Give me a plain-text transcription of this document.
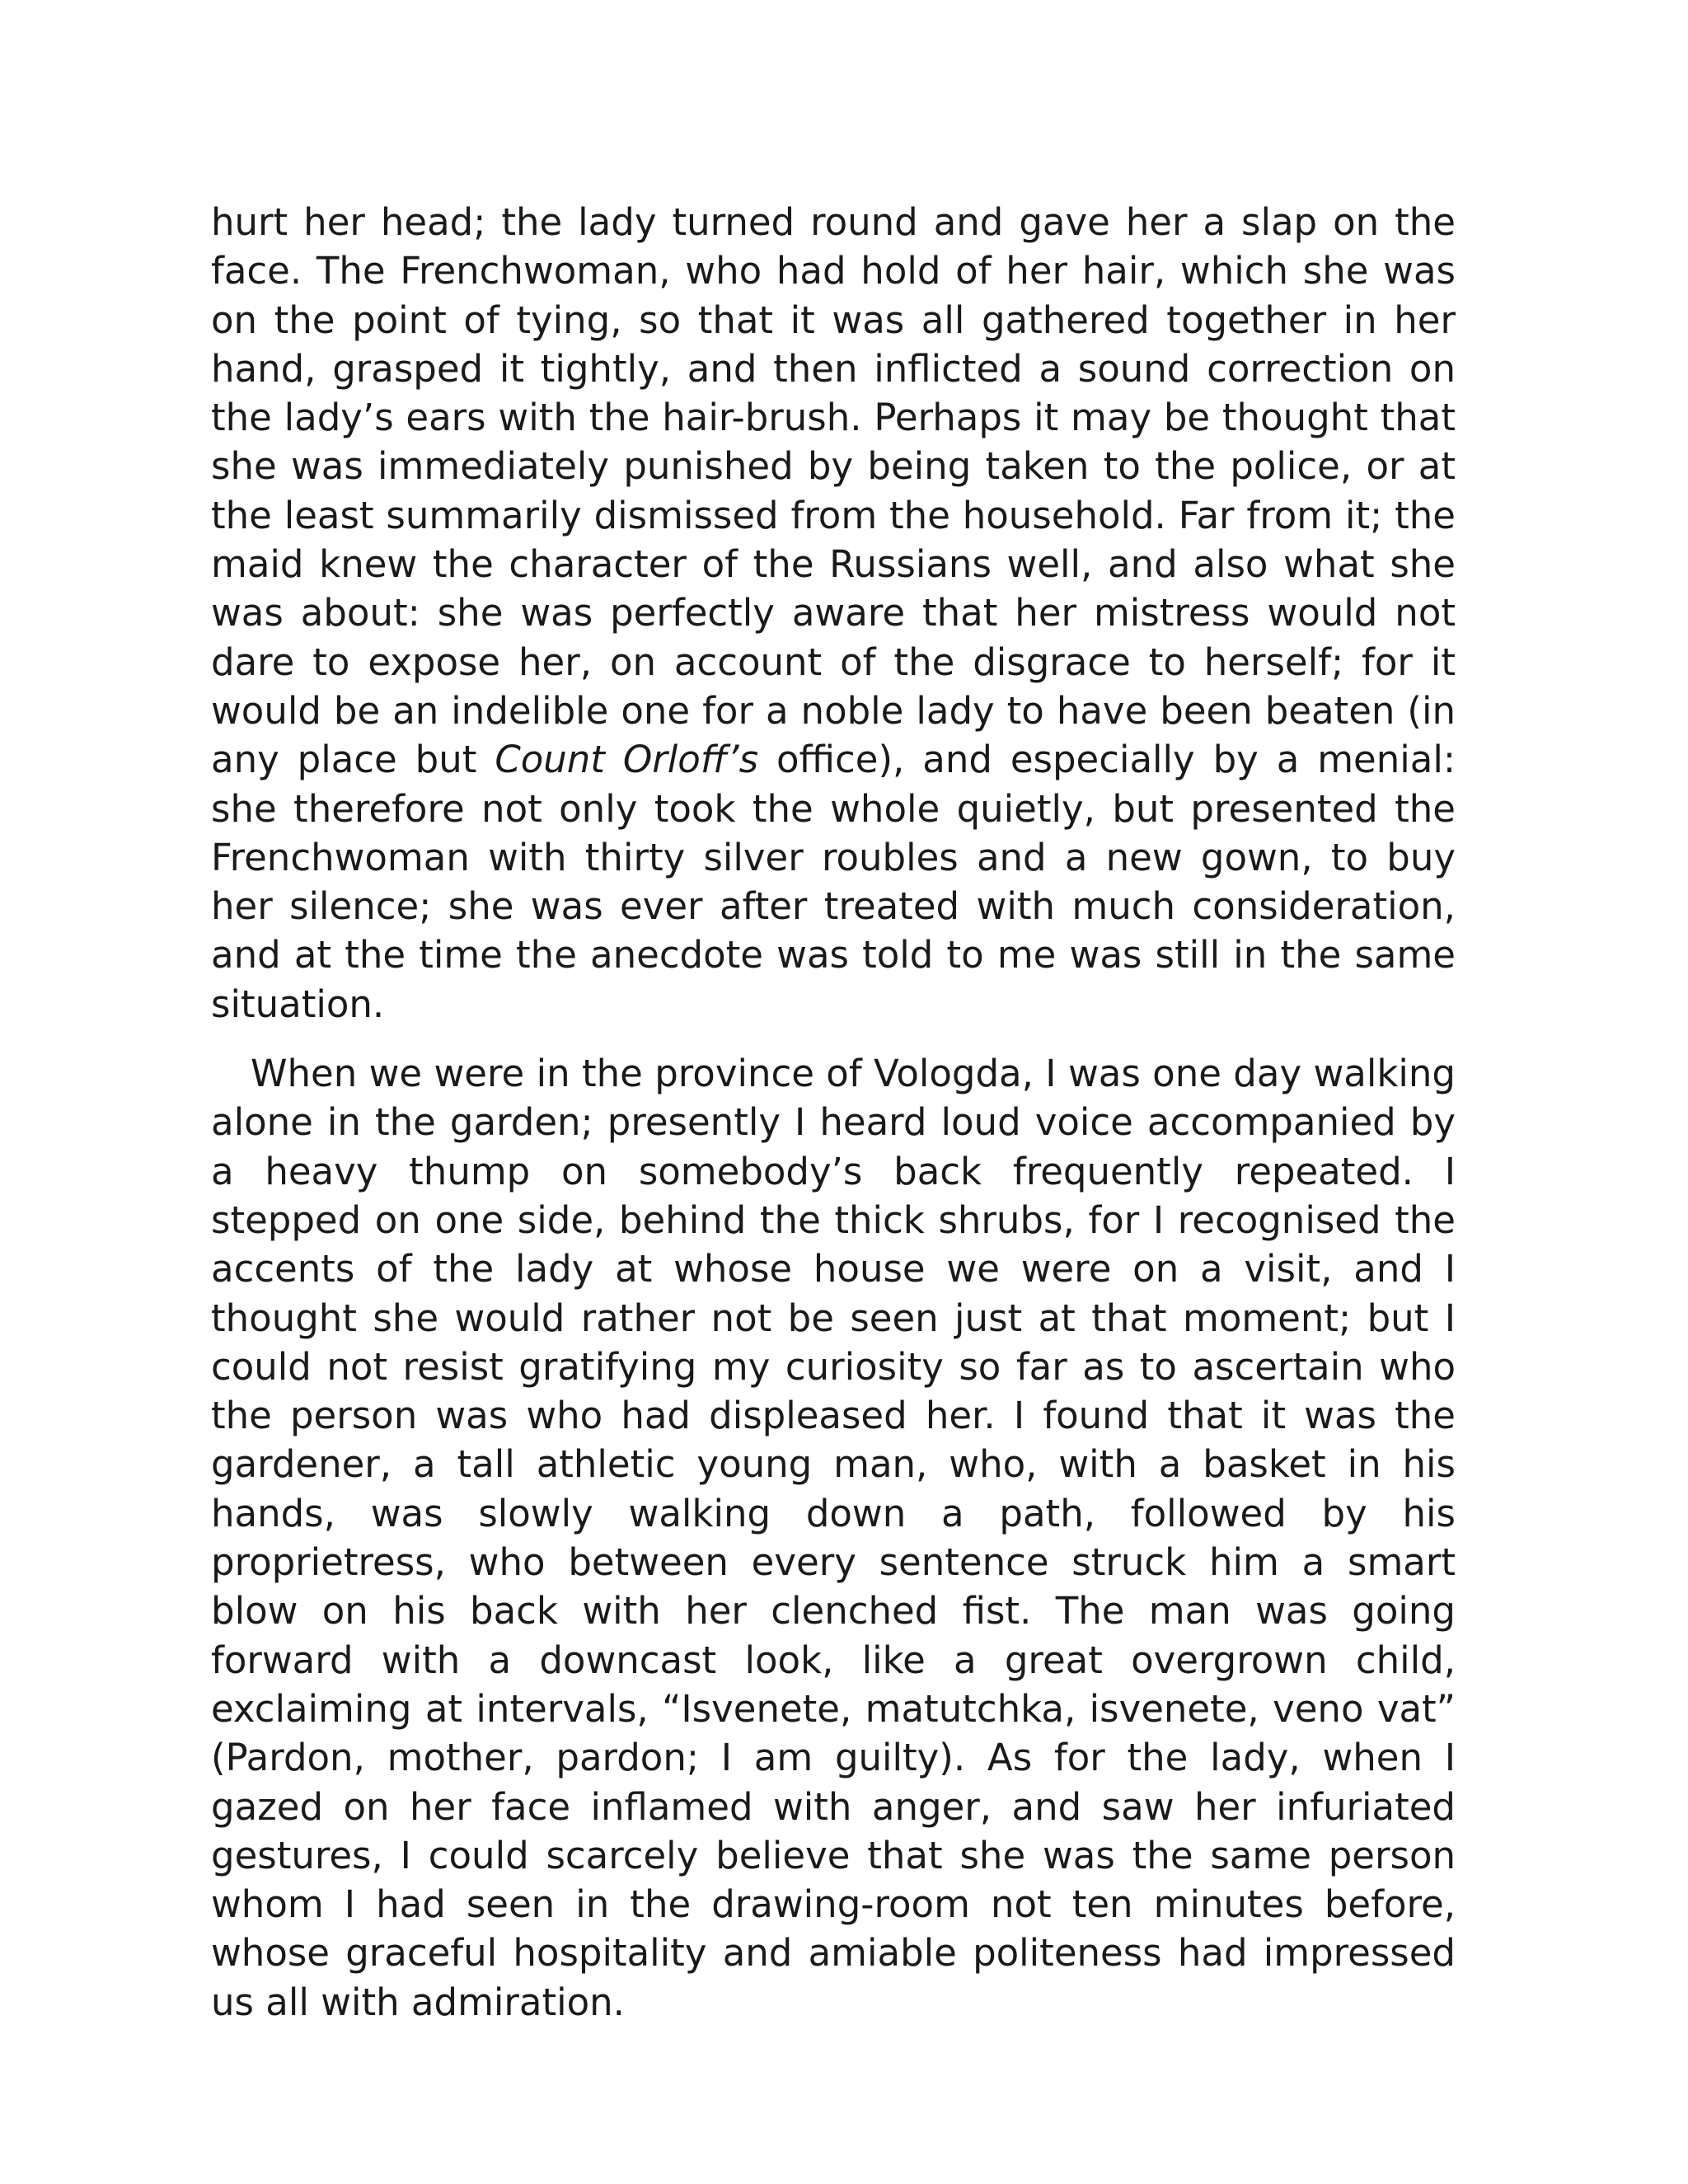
hurt her head; the lady turned round and gave her a slap on the face. The Frenchwoman, who had hold of her hair, which she was on the point of tying, so that it was all gathered together in her hand, grasped it tightly, and then inflicted a sound correction on the lady’s ears with the hair-brush. Perhaps it may be thought that she was immediately punished by being taken to the police, or at the least summarily dismissed from the household. Far from it; the maid knew the character of the Russians well, and also what she was about: she was perfectly aware that her mistress would not dare to expose her, on account of the disgrace to herself; for it would be an indelible one for a noble lady to have been beaten (in any place but Count Orloff’s office), and especially by a menial: she therefore not only took the whole quietly, but presented the Frenchwoman with thirty silver roubles and a new gown, to buy her silence; she was ever after treated with much consideration, and at the time the anecdote was told to me was still in the same situation.

When we were in the province of Vologda, I was one day walking alone in the garden; presently I heard loud voice accompanied by a heavy thump on somebody’s back frequently repeated. I stepped on one side, behind the thick shrubs, for I recognised the accents of the lady at whose house we were on a visit, and I thought she would rather not be seen just at that moment; but I could not resist gratifying my curiosity so far as to ascertain who the person was who had displeased her. I found that it was the gardener, a tall athletic young man, who, with a basket in his hands, was slowly walking down a path, followed by his proprietress, who between every sentence struck him a smart blow on his back with her clenched fist. The man was going forward with a downcast look, like a great overgrown child, exclaiming at intervals, “Isvenete, matutchka, isvenete, veno vat” (Pardon, mother, pardon; I am guilty). As for the lady, when I gazed on her face inflamed with anger, and saw her infuriated gestures, I could scarcely believe that she was the same person whom I had seen in the drawing-room not ten minutes before, whose graceful hospitality and amiable politeness had impressed us all with admiration.
